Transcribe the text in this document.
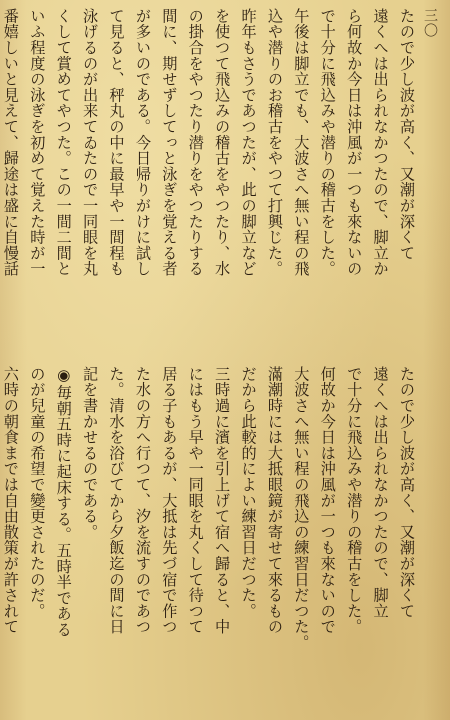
三〇
たので少し波が高く、又潮が深くて
遠くへは出られなかつたので、脚立か
ら何故か今日は沖風が一つも來ないの
で十分に飛込みや潜りの稽古をした。
午後は脚立でも、大波さへ無い程の飛
込や潜りのお稽古をやつて打興じた。
昨年もさうであつたが、此の脚立など
を使つて飛込みの稽古をやつたり、水
の掛合をやつたり潜りをやつたりする
間に、期せずしてっと泳ぎを覚える者
が多いのである。今日帰りがけに試し
て見ると、秤丸の中に最早や一間程も
泳げるのが出来てゐたので一同眼を丸
くして賞めてやつた。この一間二間と
いふ程度の泳ぎを初めて覚えた時が一
番嬉しいと見えて、歸途は盛に自慢話
たので少し波が高く、又潮が深くて
遠くへは出られなかつたので、脚立
で十分に飛込みや潜りの稽古をした。
何故か今日は沖風が一つも來ないので
大波さへ無い程の飛込の練習日だつた。
滿潮時には大抵眼鏡が寄せて來るもの
だから此較的によい練習日だつた。
三時過に濱を引上げて宿へ歸ると、中
にはもう早や一同眼を丸くして待つて
居る子もあるが、大抵は先づ宿で作つ
た水の方へ行つて、汐を流すのであつ
た。清水を浴びてから夕飯迄の間に日
記を書かせるのである。
◉毎朝五時に起床する。五時半である
のが兒童の希望で變更されたのだ。
六時の朝食までは自由散策が許されて
